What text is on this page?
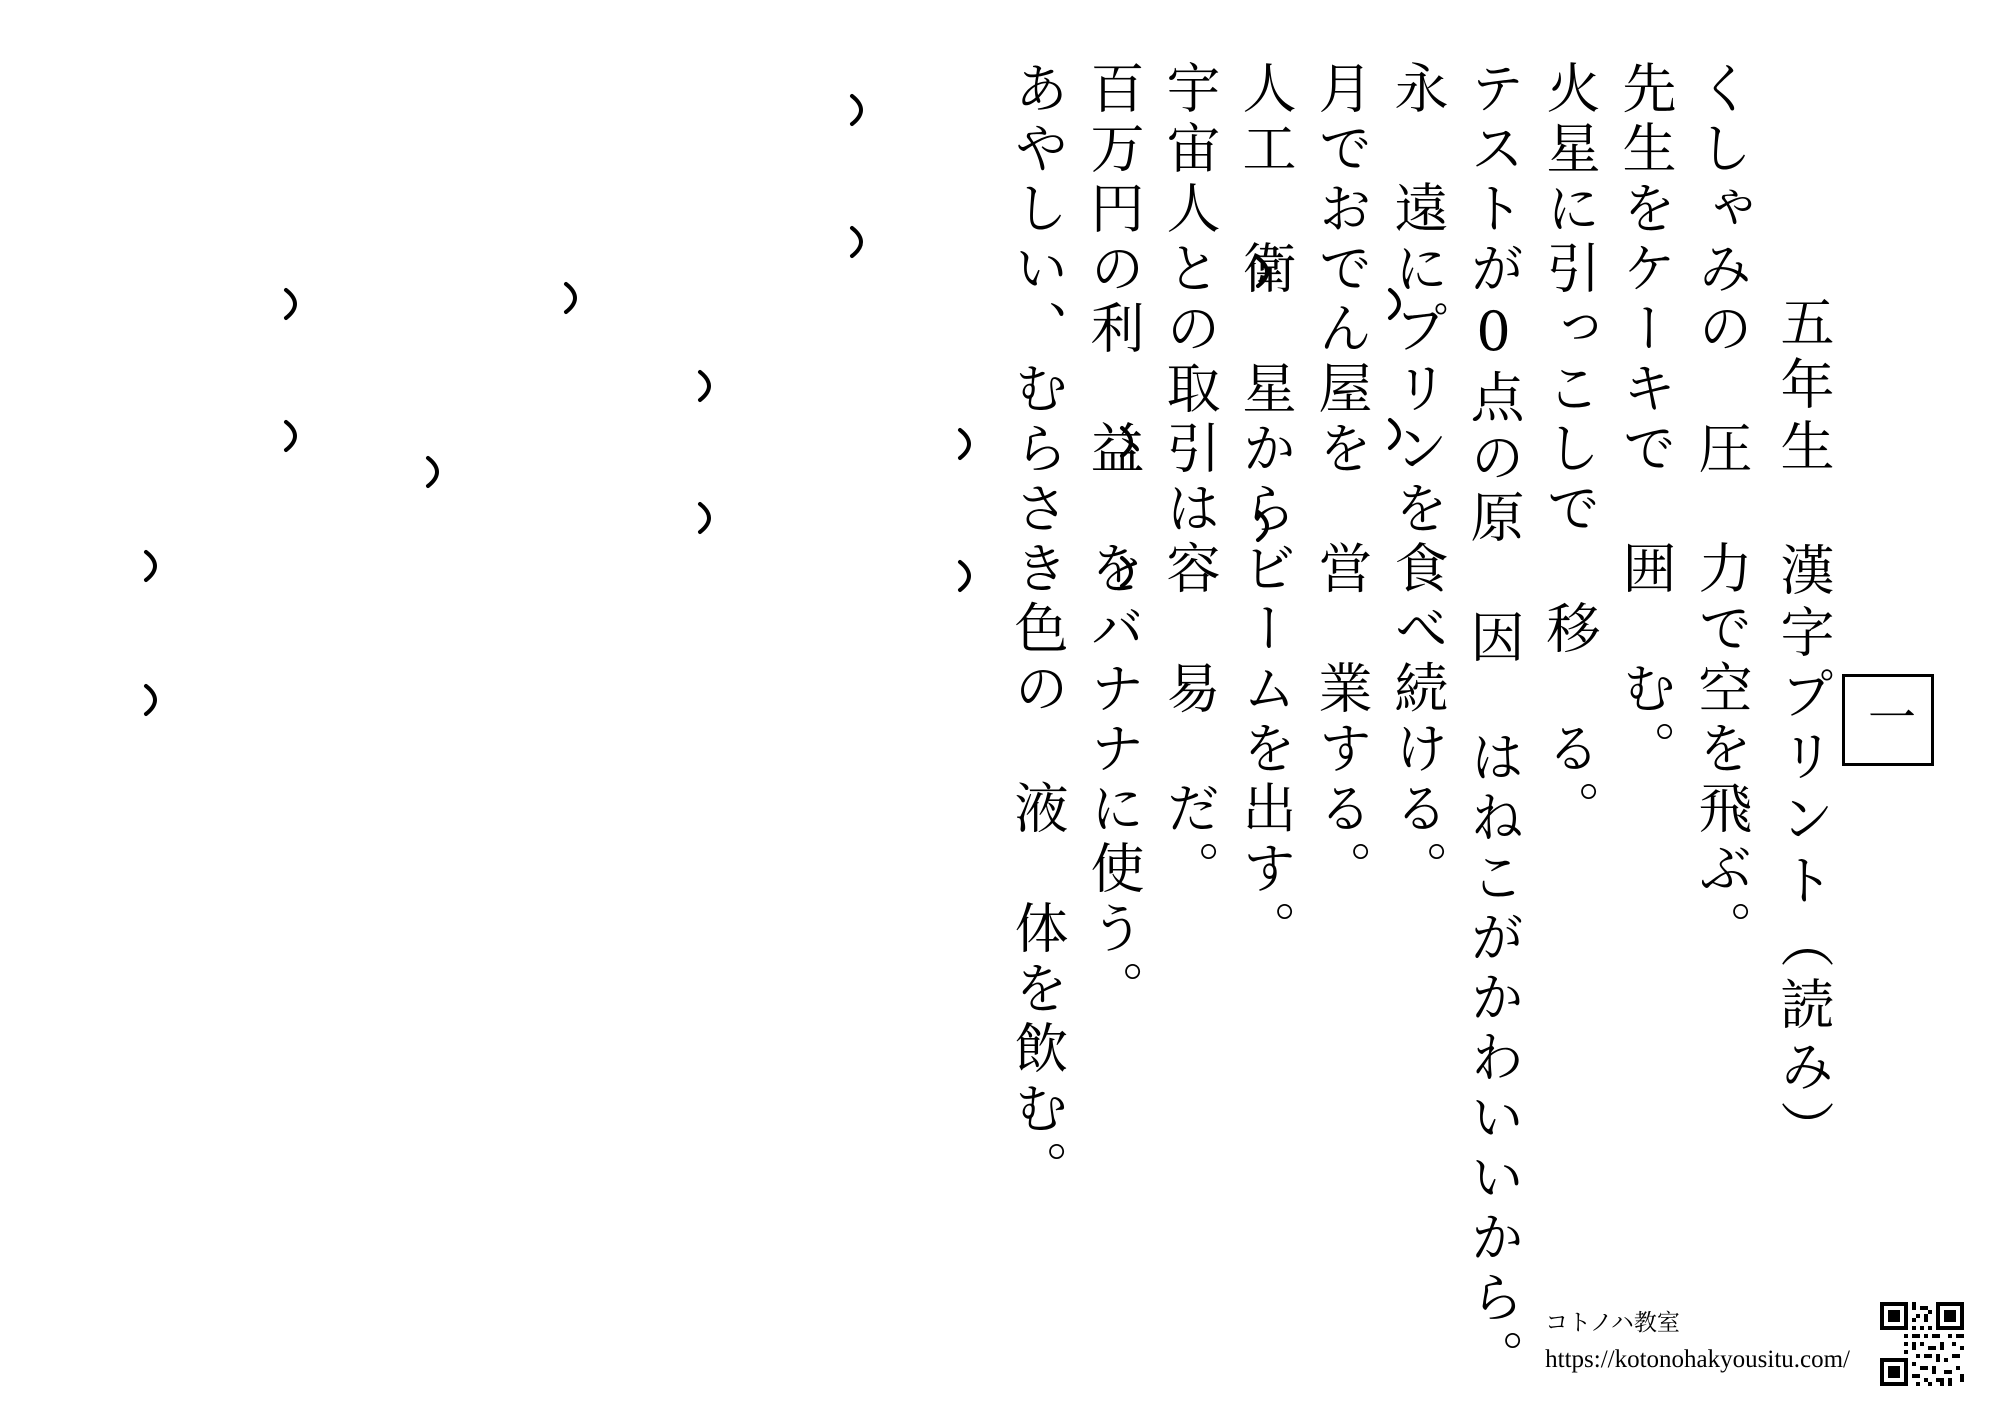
一
五年生　漢字プリント（読み）
くしゃみの　圧　力で空を飛ぶ。
先生をケーキで　囲　む。
火星に引っこしで　移　る。
テストが0点の原　因　はねこがかわいいから。
永　遠にプリンを食べ続ける。
月でおでん屋を　営　業する。
人工　衛　星からビームを出す。
宇宙人との取引は容　易　だ。
百万円の利　益　をバナナに使う。
あやしい、むらさき色の　液　体を飲む。
コトノハ教室
https://kotonohakyousitu.com/
